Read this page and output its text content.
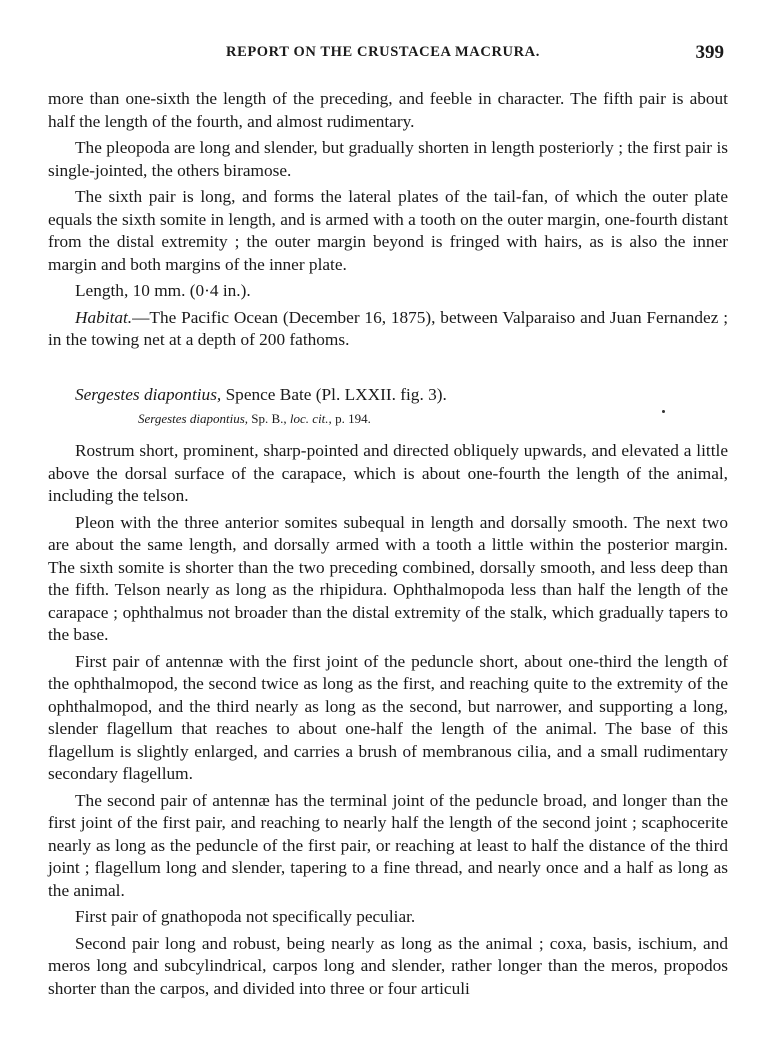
REPORT ON THE CRUSTACEA MACRURA.	399

more than one-sixth the length of the preceding, and feeble in character. The fifth pair is about half the length of the fourth, and almost rudimentary.

The pleopoda are long and slender, but gradually shorten in length posteriorly ; the first pair is single-jointed, the others biramose.

The sixth pair is long, and forms the lateral plates of the tail-fan, of which the outer plate equals the sixth somite in length, and is armed with a tooth on the outer margin, one-fourth distant from the distal extremity ; the outer margin beyond is fringed with hairs, as is also the inner margin and both margins of the inner plate.

Length, 10 mm. (0·4 in.).

Habitat.—The Pacific Ocean (December 16, 1875), between Valparaiso and Juan Fernandez ; in the towing net at a depth of 200 fathoms.

Sergestes diapontius, Spence Bate (Pl. LXXII. fig. 3).

Sergestes diapontius, Sp. B., loc. cit., p. 194.

Rostrum short, prominent, sharp-pointed and directed obliquely upwards, and elevated a little above the dorsal surface of the carapace, which is about one-fourth the length of the animal, including the telson.

Pleon with the three anterior somites subequal in length and dorsally smooth. The next two are about the same length, and dorsally armed with a tooth a little within the posterior margin. The sixth somite is shorter than the two preceding combined, dorsally smooth, and less deep than the fifth. Telson nearly as long as the rhipidura. Ophthalmopoda less than half the length of the carapace ; ophthalmus not broader than the distal extremity of the stalk, which gradually tapers to the base.

First pair of antennæ with the first joint of the peduncle short, about one-third the length of the ophthalmopod, the second twice as long as the first, and reaching quite to the extremity of the ophthalmopod, and the third nearly as long as the second, but narrower, and supporting a long, slender flagellum that reaches to about one-half the length of the animal. The base of this flagellum is slightly enlarged, and carries a brush of membranous cilia, and a small rudimentary secondary flagellum.

The second pair of antennæ has the terminal joint of the peduncle broad, and longer than the first joint of the first pair, and reaching to nearly half the length of the second joint ; scaphocerite nearly as long as the peduncle of the first pair, or reaching at least to half the distance of the third joint ; flagellum long and slender, tapering to a fine thread, and nearly once and a half as long as the animal.

First pair of gnathopoda not specifically peculiar.

Second pair long and robust, being nearly as long as the animal ; coxa, basis, ischium, and meros long and subcylindrical, carpos long and slender, rather longer than the meros, propodos shorter than the carpos, and divided into three or four articuli
